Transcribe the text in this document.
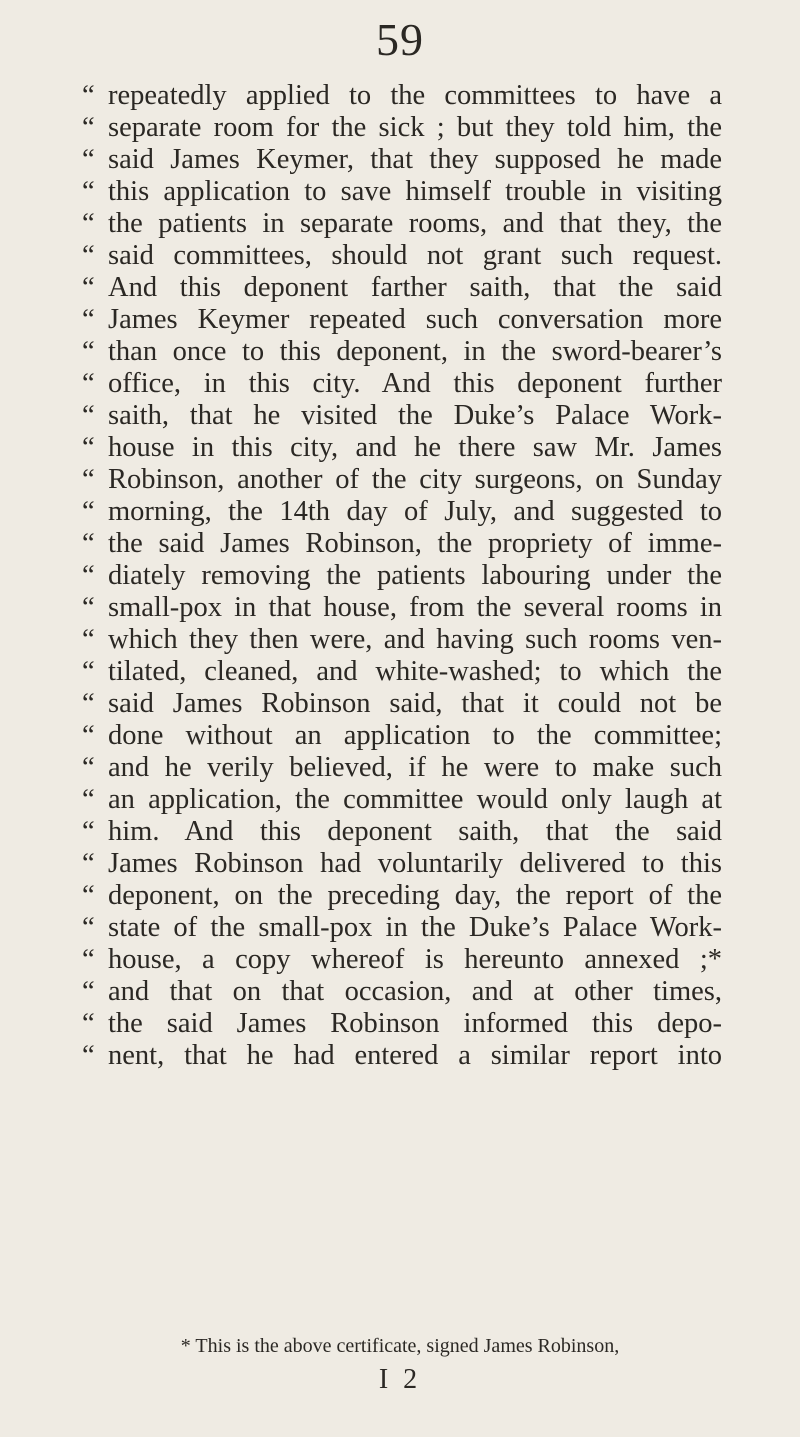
59
“ repeatedly applied to the committees to have a
“ separate room for the sick ; but they told him, the
“ said James Keymer, that they supposed he made
“ this application to save himself trouble in visiting
“ the patients in separate rooms, and that they, the
“ said committees, should not grant such request.
“ And this deponent farther saith, that the said
“ James Keymer repeated such conversation more
“ than once to this deponent, in the sword-bearer’s
“ office, in this city. And this deponent further
“ saith, that he visited the Duke’s Palace Work-
“ house in this city, and he there saw Mr. James
“ Robinson, another of the city surgeons, on Sunday
“ morning, the 14th day of July, and suggested to
“ the said James Robinson, the propriety of imme-
“ diately removing the patients labouring under the
“ small-pox in that house, from the several rooms in
“ which they then were, and having such rooms ven-
“ tilated, cleaned, and white-washed; to which the
“ said James Robinson said, that it could not be
“ done without an application to the committee;
“ and he verily believed, if he were to make such
“ an application, the committee would only laugh at
“ him. And this deponent saith, that the said
“ James Robinson had voluntarily delivered to this
“ deponent, on the preceding day, the report of the
“ state of the small-pox in the Duke’s Palace Work-
“ house, a copy whereof is hereunto annexed ;*
“ and that on that occasion, and at other times,
“ the said James Robinson informed this depo-
“ nent, that he had entered a similar report into
* This is the above certificate, signed James Robinson,
I 2
